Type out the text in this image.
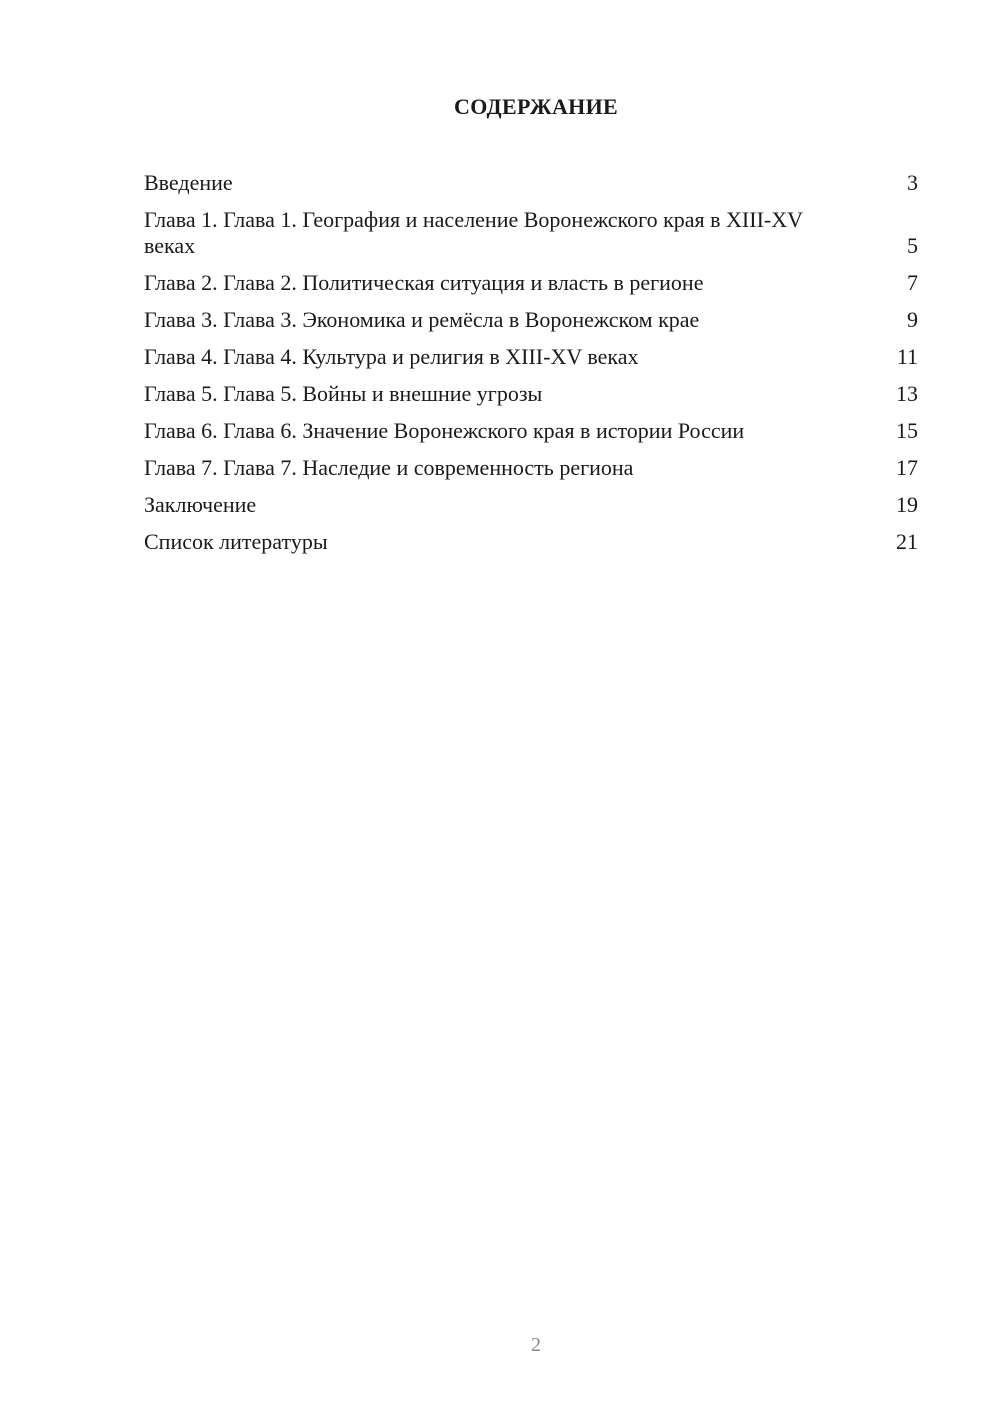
СОДЕРЖАНИЕ
Введение	3
Глава 1. Глава 1. География и население Воронежского края в XIII-XV веках	5
Глава 2. Глава 2. Политическая ситуация и власть в регионе	7
Глава 3. Глава 3. Экономика и ремёсла в Воронежском крае	9
Глава 4. Глава 4. Культура и религия в XIII-XV веках	11
Глава 5. Глава 5. Войны и внешние угрозы	13
Глава 6. Глава 6. Значение Воронежского края в истории России	15
Глава 7. Глава 7. Наследие и современность региона	17
Заключение	19
Список литературы	21
2
